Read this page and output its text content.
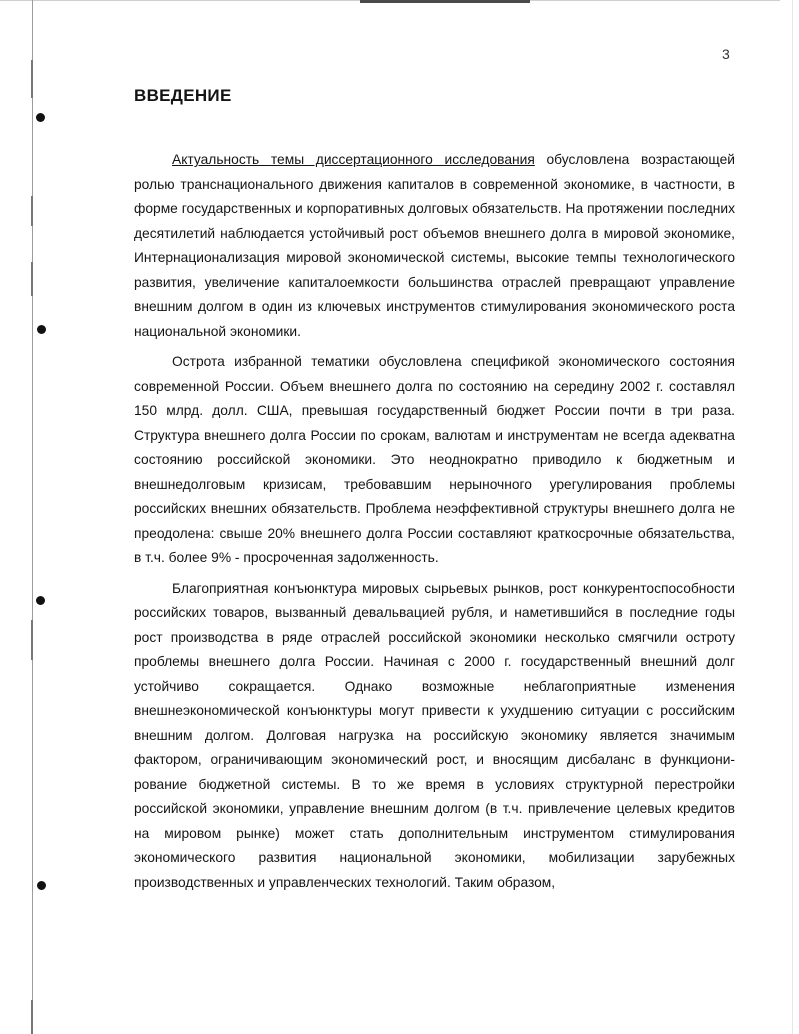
3
ВВЕДЕНИЕ

Актуальность темы диссертационного исследования обусловлена возрастающей ролью транснационального движения капиталов в современной экономике, в частности, в форме государственных и корпоративных долговых обязательств. На протяжении последних десятилетий наблюдается устойчивый рост объемов внешнего долга в мировой экономике, Интернационализация мировой экономической системы, высокие темпы технологического развития, увеличение капиталоемкости большинства отраслей превращают управление внешним долгом в один из ключевых инструментов стимулирования экономического роста национальной экономики.

Острота избранной тематики обусловлена спецификой экономического состояния современной России. Объем внешнего долга по состоянию на середину 2002 г. составлял 150 млрд. долл. США, превышая государственный бюджет России почти в три раза. Структура внешнего долга России по срокам, валютам и инструментам не всегда адекватна состоянию российской экономики. Это неоднократно приводило к бюджетным и внешнедолговым кризисам, требовавшим нерыночного урегулирования проблемы российских внешних обязательств. Проблема неэффективной структуры внешнего долга не преодолена: свыше 20% внешнего долга России составляют краткосрочные обязательства, в т.ч. более 9% - просроченная задолженность.

Благоприятная конъюнктура мировых сырьевых рынков, рост конкурентоспособности российских товаров, вызванный девальвацией рубля, и наметившийся в последние годы рост производства в ряде отраслей российской экономики несколько смягчили остроту проблемы внешнего долга России. Начиная с 2000 г. государственный внешний долг устойчиво сокращается. Однако возможные неблагоприятные изменения внешнеэкономической конъюнктуры могут привести к ухудшению ситуации с российским внешним долгом. Долговая нагрузка на российскую экономику является значимым фактором, ограничивающим экономический рост, и вносящим дисбаланс в функциони-рование бюджетной системы. В то же время в условиях структурной перестройки российской экономики, управление внешним долгом (в т.ч. привлечение целевых кредитов на мировом рынке) может стать дополнительным инструментом стимулирования экономического развития национальной экономики, мобилизации зарубежных производственных и управленческих технологий. Таким образом,
